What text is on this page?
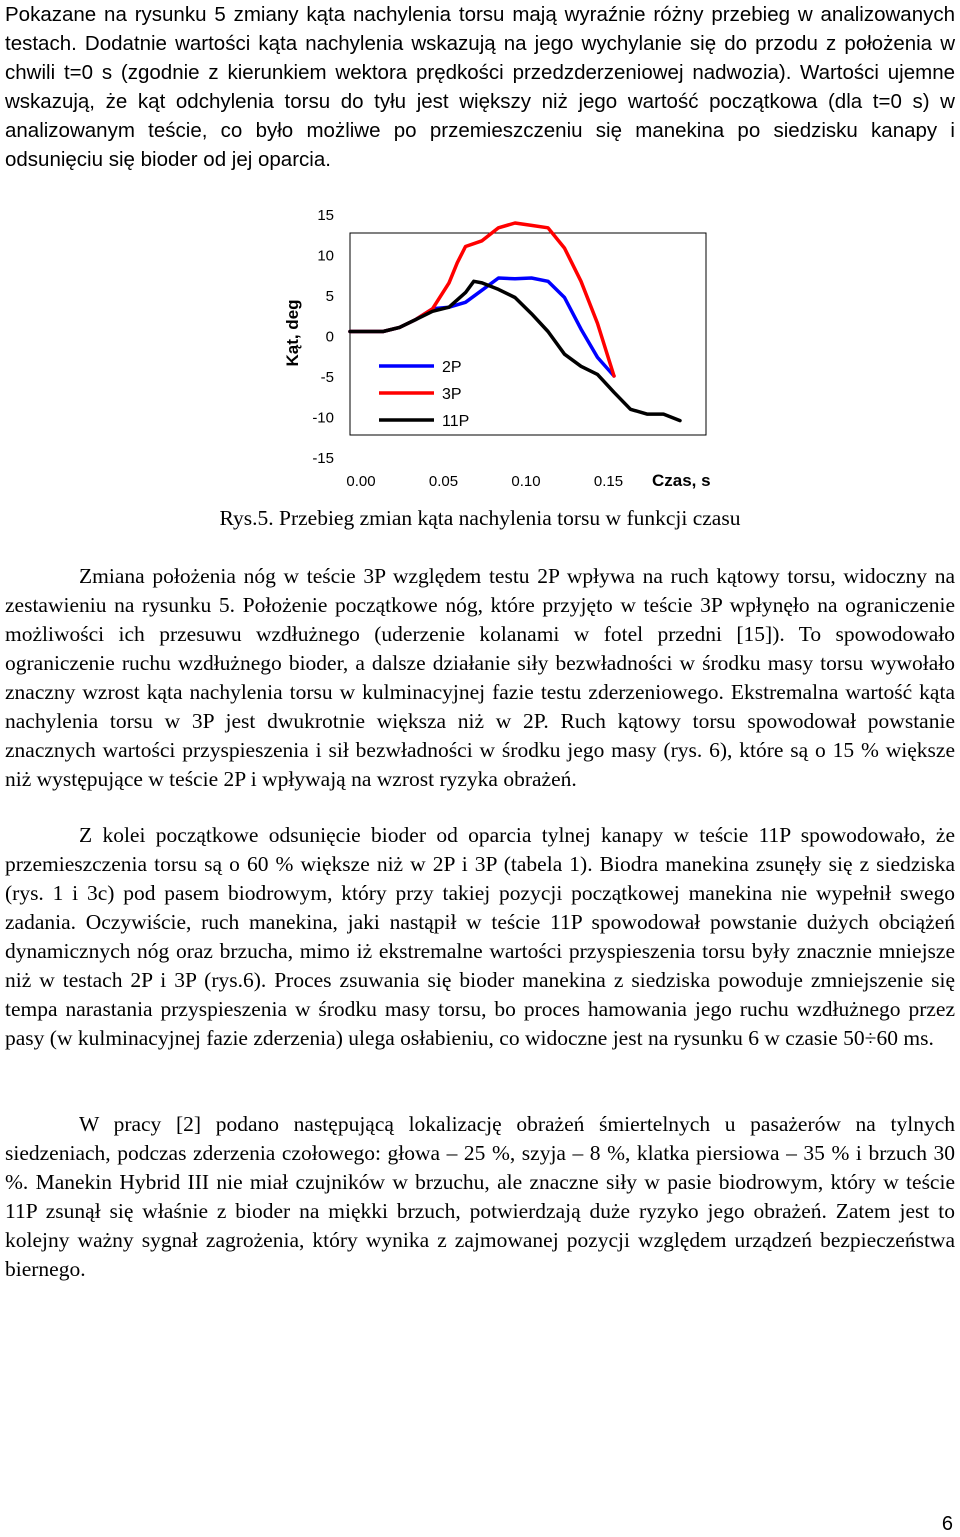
Pokazane na rysunku 5 zmiany kąta nachylenia torsu mają wyraźnie różny przebieg w analizowanych testach. Dodatnie wartości kąta nachylenia wskazują na jego wychylanie się do przodu z położenia w chwili t=0 s (zgodnie z kierunkiem wektora prędkości przedzderzeniowej nadwozia). Wartości ujemne wskazują, że kąt odchylenia torsu do tyłu jest większy niż jego wartość początkowa (dla t=0 s) w analizowanym teście, co było możliwe po przemieszczeniu się manekina po siedzisku kanapy i odsunięciu się bioder od jej oparcia.

15
10
5
0
-5
-10
-15
0.00	0.05	0.10	0.15
Kąt, deg
Czas, s
2P
3P
11P

Rys.5. Przebieg zmian kąta nachylenia torsu w funkcji czasu

Zmiana położenia nóg w teście 3P względem testu 2P wpływa na ruch kątowy torsu, widoczny na zestawieniu na rysunku 5. Położenie początkowe nóg, które przyjęto w teście 3P wpłynęło na ograniczenie możliwości ich przesuwu wzdłużnego (uderzenie kolanami w fotel przedni [15]). To spowodowało ograniczenie ruchu wzdłużnego bioder, a dalsze działanie siły bezwładności w środku masy torsu wywołało znaczny wzrost kąta nachylenia torsu w kulminacyjnej fazie testu zderzeniowego. Ekstremalna wartość kąta nachylenia torsu w 3P jest dwukrotnie większa niż w 2P. Ruch kątowy torsu spowodował powstanie znacznych wartości przyspieszenia i sił bezwładności w środku jego masy (rys. 6), które są o 15 % większe niż występujące w teście 2P i wpływają na wzrost ryzyka obrażeń.

Z kolei początkowe odsunięcie bioder od oparcia tylnej kanapy w teście 11P spowodowało, że przemieszczenia torsu są o 60 % większe niż w 2P i 3P (tabela 1). Biodra manekina zsunęły się z siedziska (rys. 1 i 3c) pod pasem biodrowym, który przy takiej pozycji początkowej manekina nie wypełnił swego zadania. Oczywiście, ruch manekina, jaki nastąpił w teście 11P spowodował powstanie dużych obciążeń dynamicznych nóg oraz brzucha, mimo iż ekstremalne wartości przyspieszenia torsu były znacznie mniejsze niż w testach 2P i 3P (rys.6). Proces zsuwania się bioder manekina z siedziska powoduje zmniejszenie się tempa narastania przyspieszenia w środku masy torsu, bo proces hamowania jego ruchu wzdłużnego przez pasy (w kulminacyjnej fazie zderzenia) ulega osłabieniu, co widoczne jest na rysunku 6 w czasie 50÷60 ms.

W pracy [2] podano następującą lokalizację obrażeń śmiertelnych u pasażerów na tylnych siedzeniach, podczas zderzenia czołowego: głowa – 25 %, szyja – 8 %, klatka piersiowa – 35 % i brzuch 30 %. Manekin Hybrid III nie miał czujników w brzuchu, ale znaczne siły w pasie biodrowym, który w teście 11P zsunął się właśnie z bioder na miękki brzuch, potwierdzają duże ryzyko jego obrażeń. Zatem jest to kolejny ważny sygnał zagrożenia, który wynika z zajmowanej pozycji względem urządzeń bezpieczeństwa biernego.

6
